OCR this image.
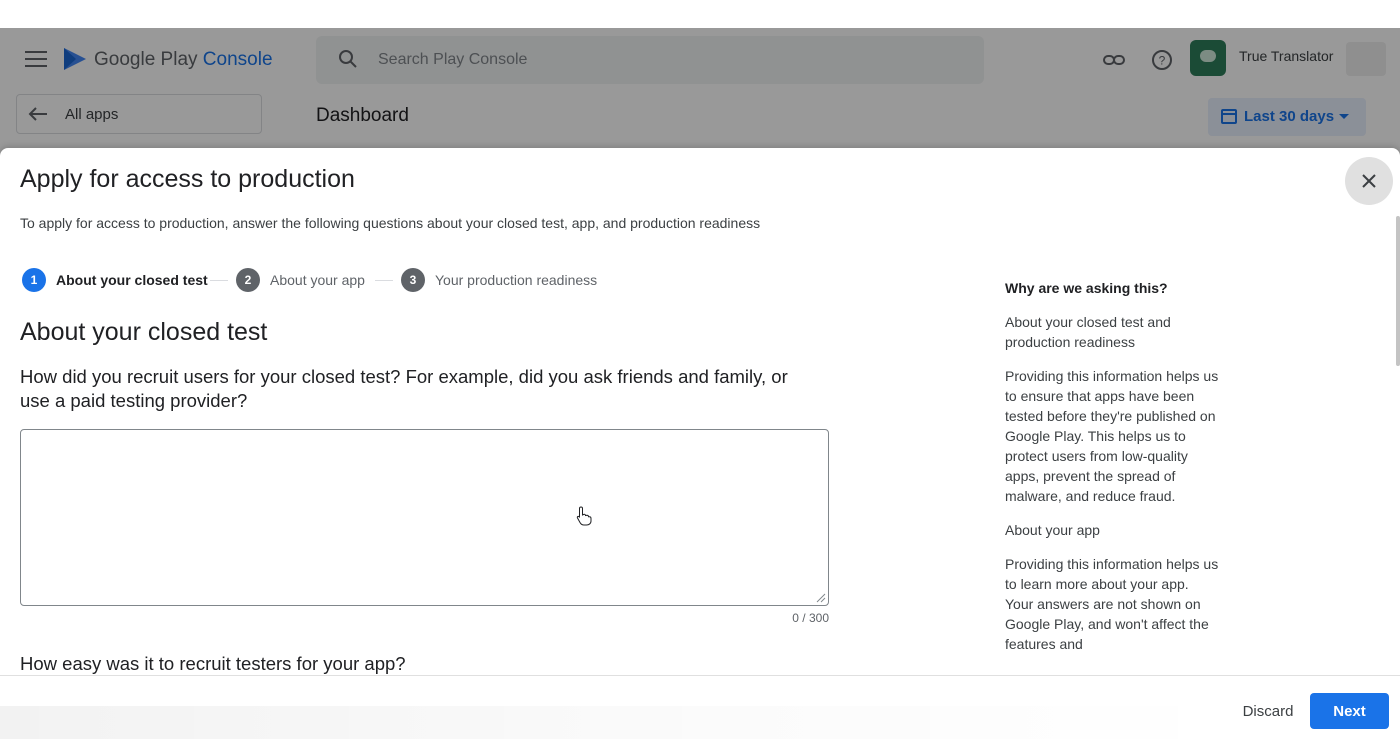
Google Play Console	Search Play Console	?	True Translator
All apps	Dashboard	Last 30 days
Apply for access to production
To apply for access to production, answer the following questions about your closed test, app, and production readiness
1	About your closed test	2	About your app	3	Your production readiness
About your closed test
How did you recruit users for your closed test? For example, did you ask friends and family, or use a paid testing provider?
0 / 300
How easy was it to recruit testers for your app?
Why are we asking this?

About your closed test and production readiness

Providing this information helps us to ensure that apps have been tested before they're published on Google Play. This helps us to protect users from low-quality apps, prevent the spread of malware, and reduce fraud.

About your app

Providing this information helps us to learn more about your app. Your answers are not shown on Google Play, and won't affect the features and

Discard	Next
